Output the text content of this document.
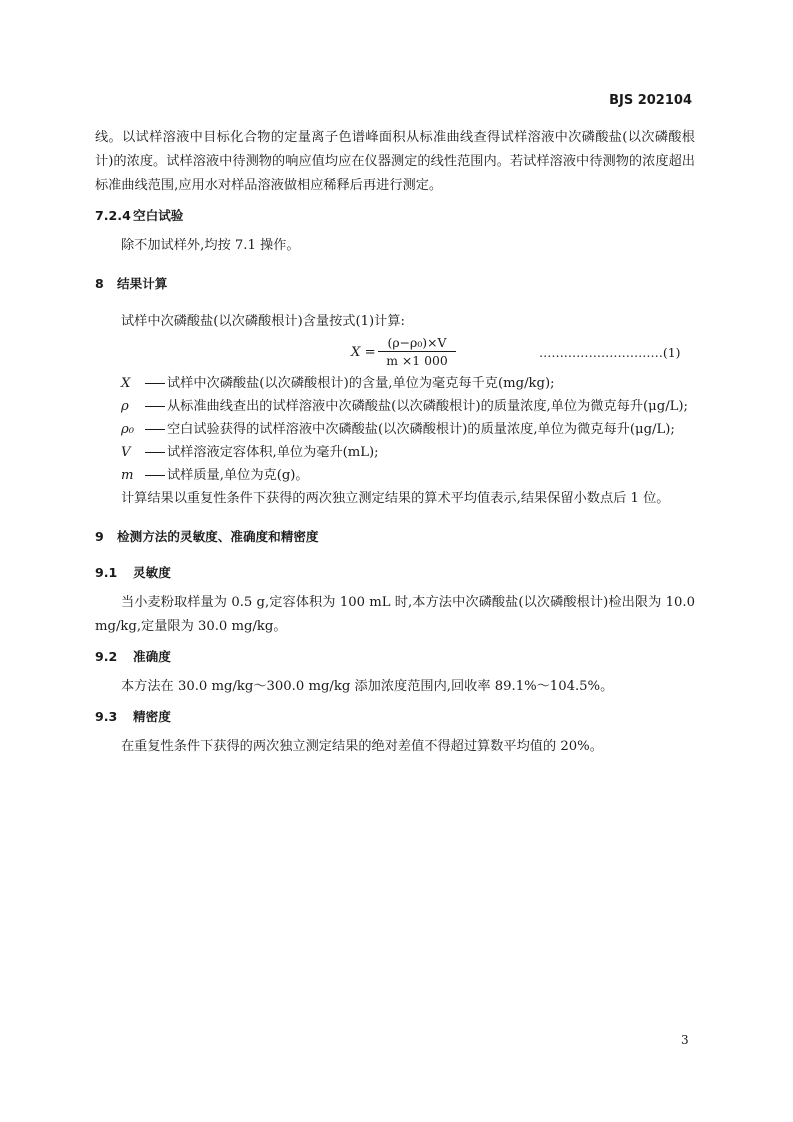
BJS 202104

线。以试样溶液中目标化合物的定量离子色谱峰面积从标准曲线查得试样溶液中次磷酸盐(以次磷酸根计)的浓度。试样溶液中待测物的响应值均应在仪器测定的线性范围内。若试样溶液中待测物的浓度超出标准曲线范围,应用水对样品溶液做相应稀释后再进行测定。

7.2.4 空白试验

除不加试样外,均按 7.1 操作。

8 结果计算

试样中次磷酸盐(以次磷酸根计)含量按式(1)计算:

$X = \frac{\text{(ρ−ρ₀)×V}}{m \times 1 000}$	…………………………(1)

X	试样中次磷酸盐(以次磷酸根计)的含量,单位为毫克每千克(mg/kg);

ρ	从标准曲线查出的试样溶液中次磷酸盐(以次磷酸根计)的质量浓度,单位为微克每升(μg/L);

ρ₀	空白试验获得的试样溶液中次磷酸盐(以次磷酸根计)的质量浓度,单位为微克每升(μg/L);

V	试样溶液定容体积,单位为毫升(mL);

m	试样质量,单位为克(g)。

计算结果以重复性条件下获得的两次独立测定结果的算术平均值表示,结果保留小数点后 1 位。

9 检测方法的灵敏度、准确度和精密度

9.1 灵敏度

当小麦粉取样量为 0.5 g,定容体积为 100 mL 时,本方法中次磷酸盐(以次磷酸根计)检出限为 10.0 mg/kg,定量限为 30.0 mg/kg。

9.2 准确度

本方法在 30.0 mg/kg～300.0 mg/kg 添加浓度范围内,回收率 89.1%～104.5%。

9.3 精密度

在重复性条件下获得的两次独立测定结果的绝对差值不得超过算数平均值的 20%。

3
